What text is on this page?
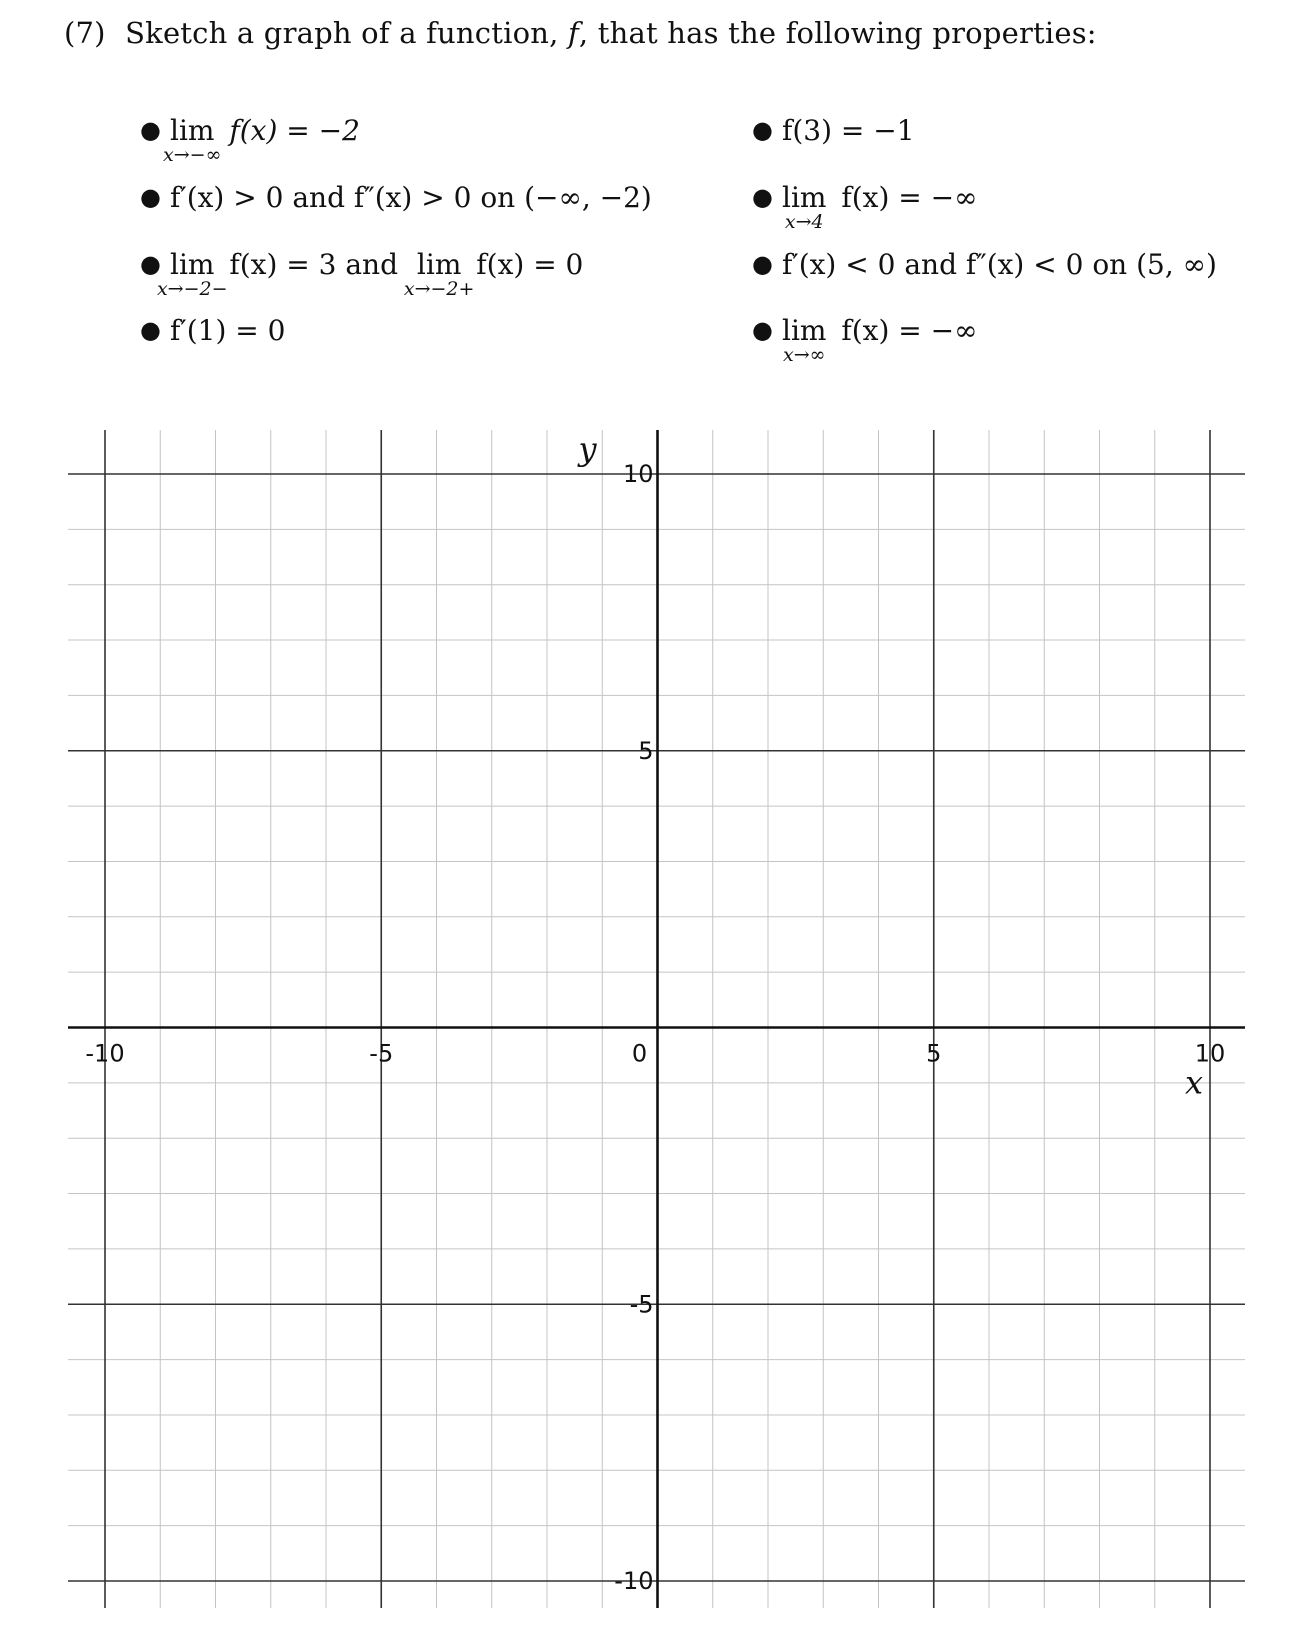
(7) Sketch a graph of a function, f, that has the following properties:
● lim
x→−∞
f(x) = −2
● f′(x) > 0 and f″(x) > 0 on (−∞, −2)
● lim
x→−2−
f(x) = 3 and lim
x→−2+
f(x) = 0
● f′(1) = 0
● f(3) = −1
● lim
x→4
f(x) = −∞
● f′(x) < 0 and f″(x) < 0 on (5, ∞)
● lim
x→∞
f(x) = −∞
-10	-5	0	5	10
10
5
-5
-10
y
x
